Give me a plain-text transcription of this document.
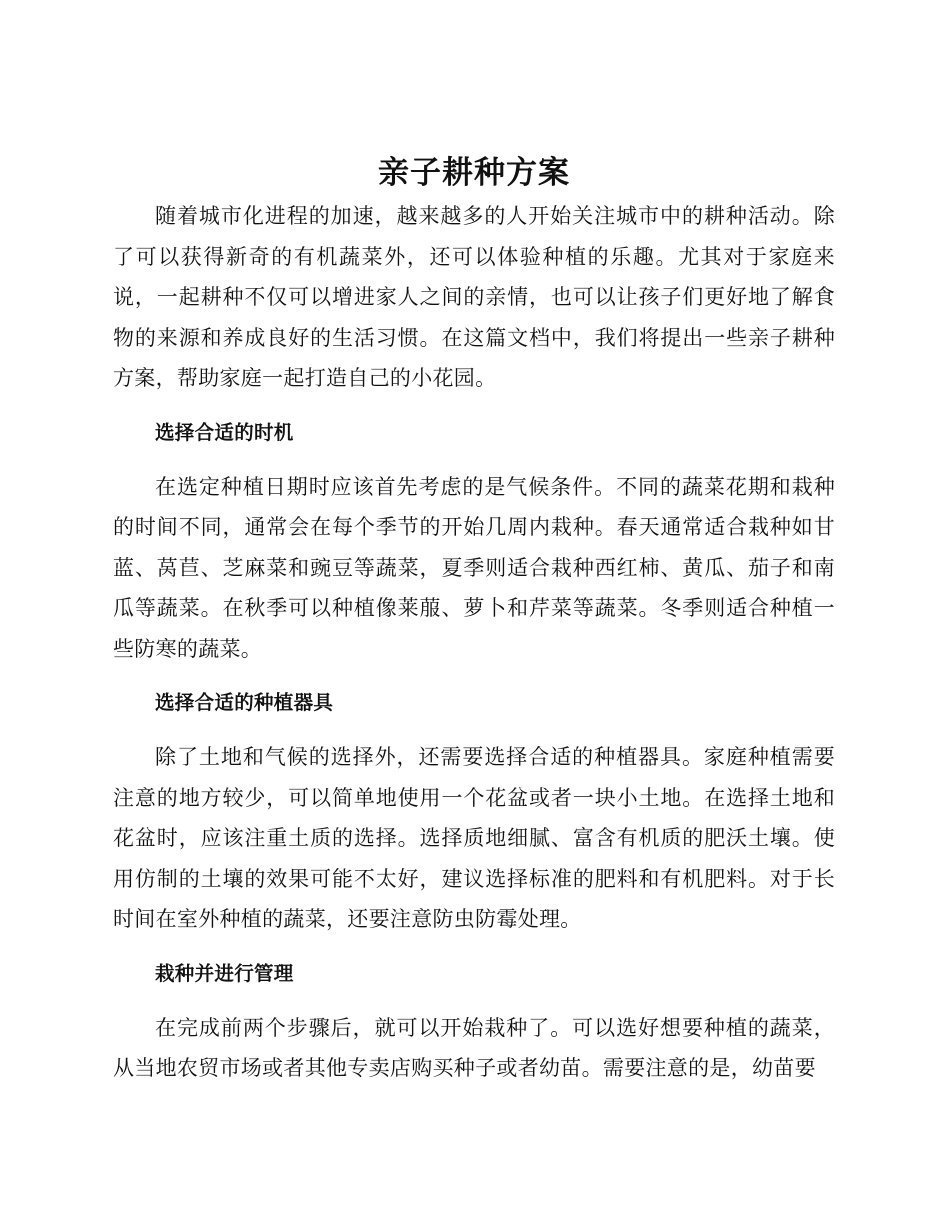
亲子耕种方案

随着城市化进程的加速，越来越多的人开始关注城市中的耕种活动。除了可以获得新奇的有机蔬菜外，还可以体验种植的乐趣。尤其对于家庭来说，一起耕种不仅可以增进家人之间的亲情，也可以让孩子们更好地了解食物的来源和养成良好的生活习惯。在这篇文档中，我们将提出一些亲子耕种方案，帮助家庭一起打造自己的小花园。

选择合适的时机

在选定种植日期时应该首先考虑的是气候条件。不同的蔬菜花期和栽种的时间不同，通常会在每个季节的开始几周内栽种。春天通常适合栽种如甘蓝、莴苣、芝麻菜和豌豆等蔬菜，夏季则适合栽种西红柿、黄瓜、茄子和南瓜等蔬菜。在秋季可以种植像莱菔、萝卜和芹菜等蔬菜。冬季则适合种植一些防寒的蔬菜。

选择合适的种植器具

除了土地和气候的选择外，还需要选择合适的种植器具。家庭种植需要注意的地方较少，可以简单地使用一个花盆或者一块小土地。在选择土地和花盆时，应该注重土质的选择。选择质地细腻、富含有机质的肥沃土壤。使用仿制的土壤的效果可能不太好，建议选择标准的肥料和有机肥料。对于长时间在室外种植的蔬菜，还要注意防虫防霉处理。

栽种并进行管理

在完成前两个步骤后，就可以开始栽种了。可以选好想要种植的蔬菜，从当地农贸市场或者其他专卖店购买种子或者幼苗。需要注意的是，幼苗要
